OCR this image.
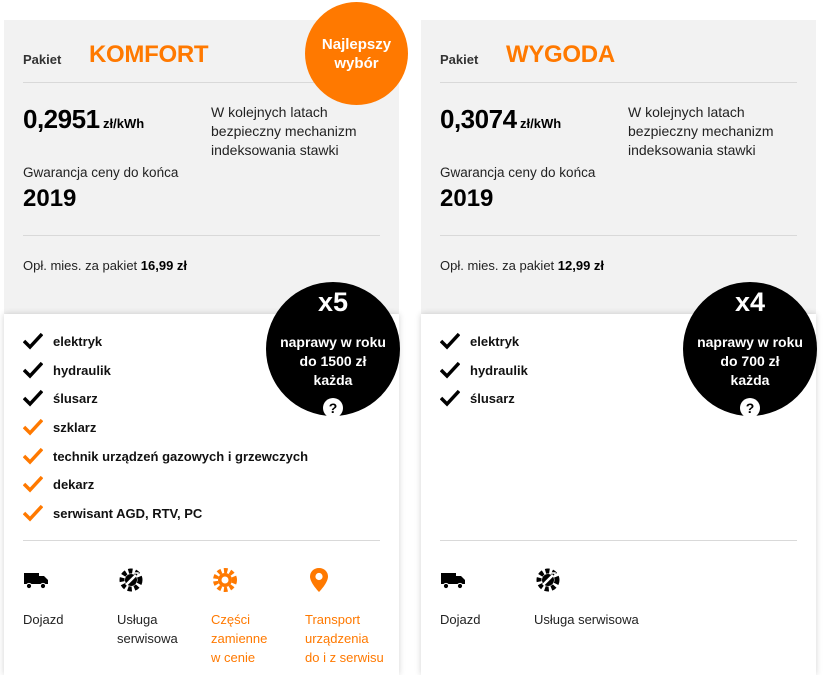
Pakiet KOMFORT
0,2951 zł/kWh
W kolejnych latach bezpieczny mechanizm indeksowania stawki
Gwarancja ceny do końca
2019
Opł. mies. za pakiet 16,99 zł
elektryk
hydraulik
ślusarz
szklarz
technik urządzeń gazowych i grzewczych
dekarz
serwisant AGD, RTV, PC
Dojazd	Usługa
serwisowa
Części
zamienne
w cenie
Transport
urządzenia
do i z serwisu
Najlepszy
wybór
x5
naprawy w roku
do 1500 zł
każda
?
Pakiet WYGODA
0,3074 zł/kWh
W kolejnych latach bezpieczny mechanizm indeksowania stawki
Gwarancja ceny do końca
2019
Opł. mies. za pakiet 12,99 zł
elektryk
hydraulik
ślusarz
Dojazd	Usługa serwisowa
x4
naprawy w roku
do 700 zł
każda
?
